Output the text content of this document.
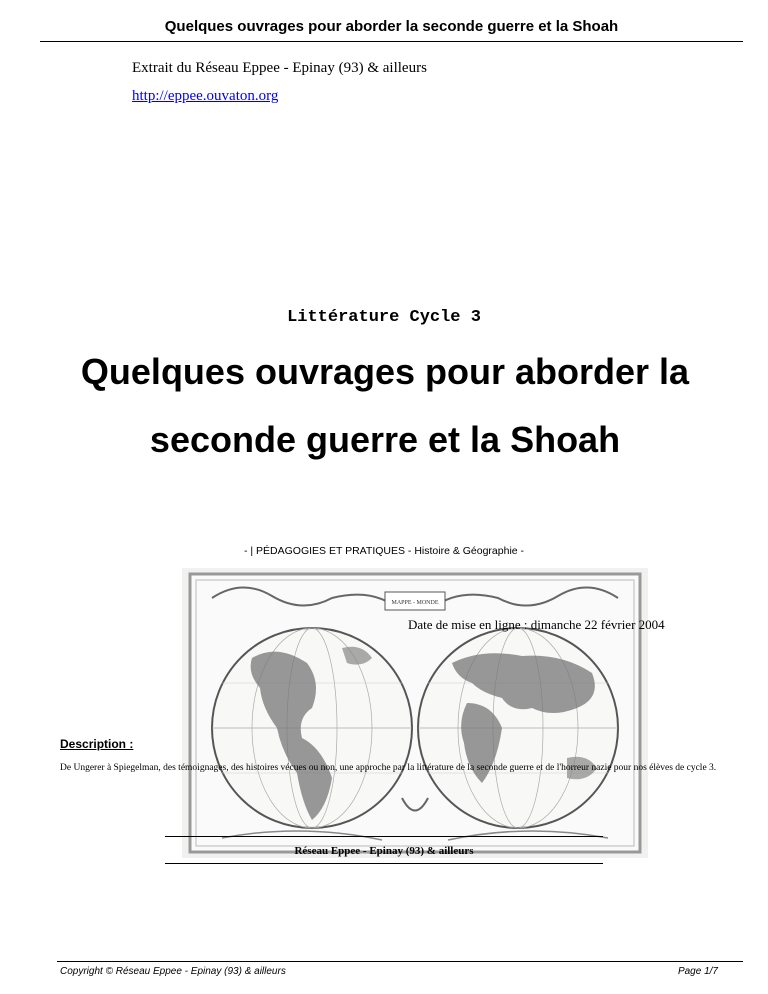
Quelques ouvrages pour aborder la seconde guerre et la Shoah
Extrait du Réseau Eppee - Epinay (93) & ailleurs
http://eppee.ouvaton.org
Littérature Cycle 3
Quelques ouvrages pour aborder la seconde guerre et la Shoah
- | PÉDAGOGIES ET PRATIQUES - Histoire & Géographie -
MAPPE - MONDE
Date de mise en ligne : dimanche 22 février 2004
Description :
De Ungerer à Spiegelman, des témoignages, des histoires vécues ou non, une approche par la littérature de la seconde guerre et de l'horreur nazie pour nos élèves de cycle 3.
Réseau Eppee - Epinay (93) & ailleurs
Copyright © Réseau Eppee - Epinay (93) & ailleurs	Page 1/7
